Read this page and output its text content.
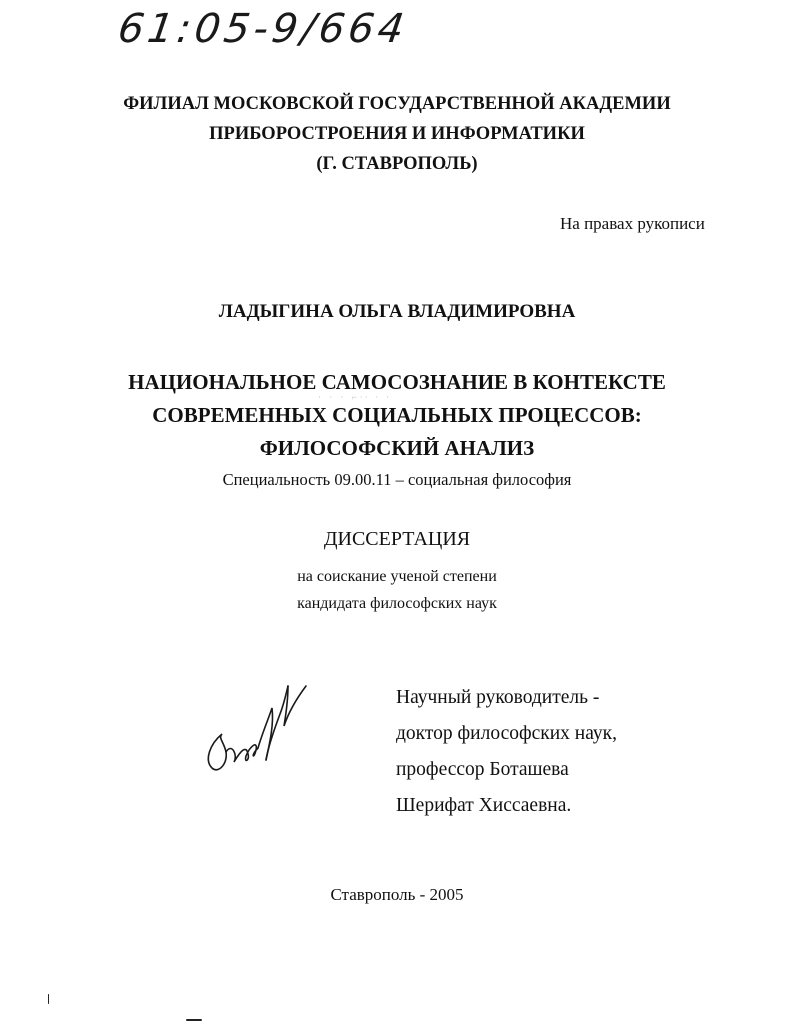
61:05-9/664
ФИЛИАЛ МОСКОВСКОЙ ГОСУДАРСТВЕННОЙ АКАДЕМИИ
ПРИБОРОСТРОЕНИЯ И ИНФОРМАТИКИ
(Г. СТАВРОПОЛЬ)
На правах рукописи
ЛАДЫГИНА ОЛЬГА ВЛАДИМИРОВНА
НАЦИОНАЛЬНОЕ САМОСОЗНАНИЕ В КОНТЕКСТЕ
· · · ⌐∙∙ ∙ ·
СОВРЕМЕННЫХ СОЦИАЛЬНЫХ ПРОЦЕССОВ:
ФИЛОСОФСКИЙ АНАЛИЗ
Специальность 09.00.11 – социальная философия
ДИССЕРТАЦИЯ
на соискание ученой степени
кандидата философских наук
Научный руководитель -
доктор философских наук,
профессор Боташева
Шерифат Хиссаевна.
Ставрополь - 2005
